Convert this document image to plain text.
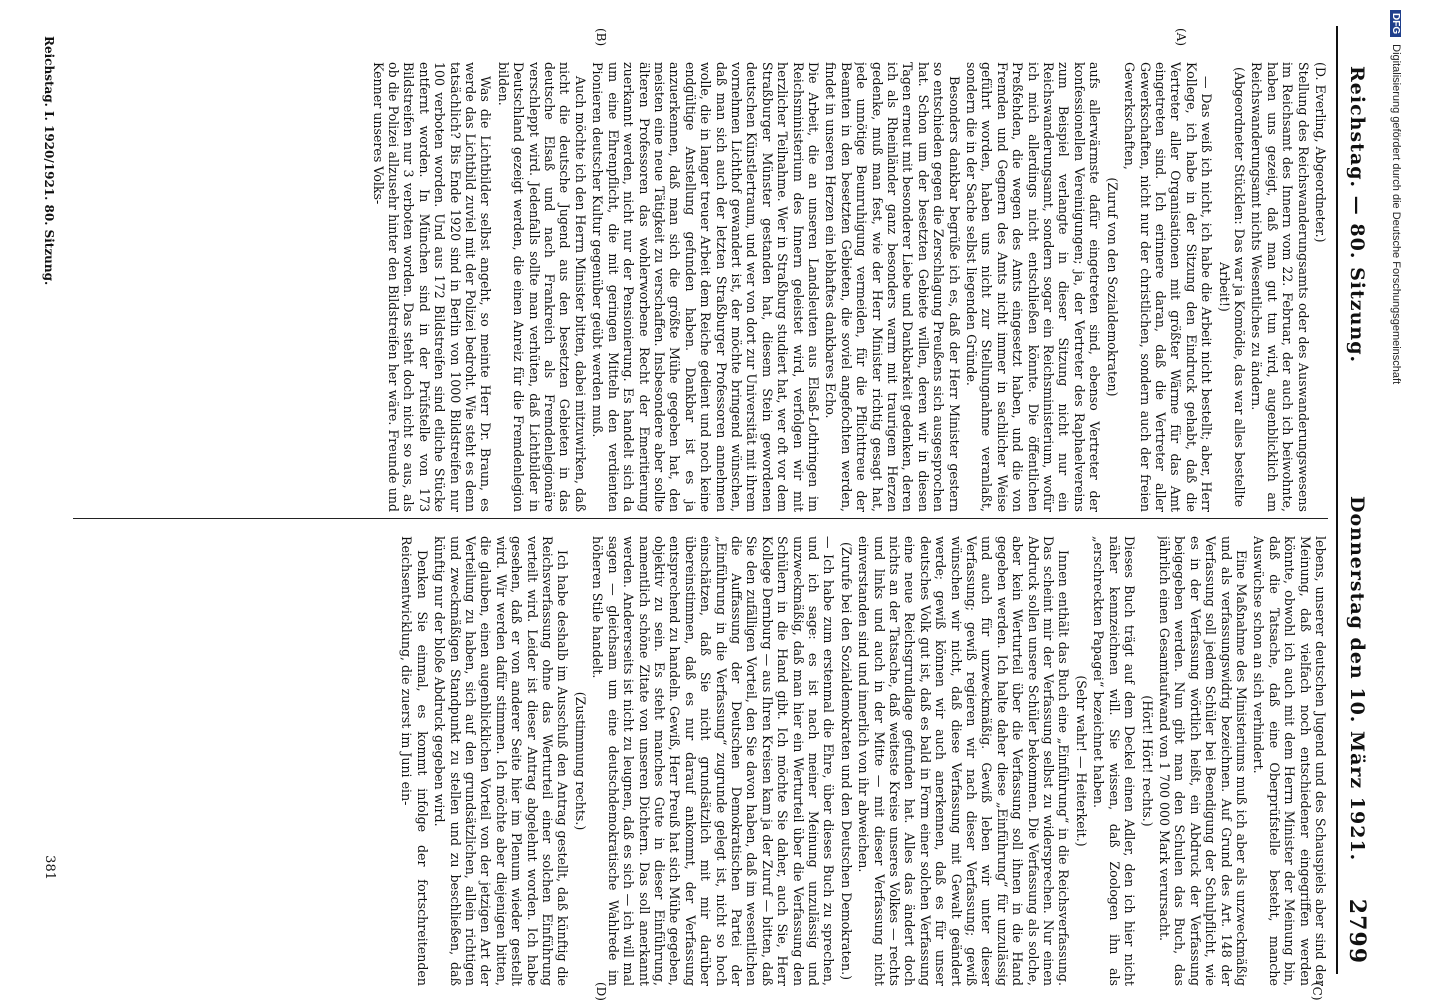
Reichstag. — 80. Sitzung.
Donnerstag den 10. März 1921.
2799
(A)
(B)
(C)
(D)

(D. Everling, Abgeordneter.)

Stellung des Reichswanderungsamts oder des Auswanderungswesens im Reichsamt des Innern vom 22. Februar, der auch ich beiwohnte, haben uns gezeigt, daß man gut tun wird, augenblicklich am Reichswanderungsamt nichts Wesentliches zu ändern.

(Abgeordneter Stücklen: Das war ja Komödie, das war alles bestellte Arbeit!)

— Das weiß ich nicht, ich habe die Arbeit nicht bestellt; aber, Herr Kollege, ich habe in der Sitzung den Eindruck gehabt, daß die Vertreter aller Organisationen mit größter Wärme für das Amt eingetreten sind. Ich erinnere daran, daß die Vertreter aller Gewerkschaften, nicht nur der christlichen, sondern auch der freien Gewerkschaften,

(Zuruf von den Sozialdemokraten)

aufs allerwärmste dafür eingetreten sind, ebenso Vertreter der konfessionellen Vereinigungen; ja, der Vertreter des Raphaelvereins zum Beispiel verlangte in dieser Sitzung nicht nur ein Reichswanderungsamt, sondern sogar ein Reichsministerium, wofür ich mich allerdings nicht entschließen könnte. Die öffentlichen Preßfehden, die wegen des Amts eingesetzt haben, und die von Fremden und Gegnern des Amts nicht immer in sachlicher Weise geführt worden, haben uns nicht zur Stellungnahme veranlaßt, sondern die in der Sache selbst liegenden Gründe.

Besonders dankbar begrüße ich es, daß der Herr Minister gestern so entschieden gegen die Zerschlagung Preußens sich ausgesprochen hat. Schon um der besetzten Gebiete willen, deren wir in diesen Tagen erneut mit besonderer Liebe und Dankbarkeit gedenken, deren ich als Rheinländer ganz besonders warm mit traurigem Herzen gedenke, muß man fest, wie der Herr Minister richtig gesagt hat, jede unnötige Beunruhigung vermeiden, für die Pflichttreue der Beamten in den besetzten Gebieten, die soviel angefochten werden, findet in unseren Herzen ein lebhaftes dankbares Echo.

Die Arbeit, die an unseren Landsleuten aus Elsaß-Lothringen im Reichsministerium des Innern geleistet wird, verfolgen wir mit herzlicher Teilnahme. Wer in Straßburg studiert hat, wer oft vor dem Straßburger Münster gestanden hat, diesem Stein gewordenen deutschen Künstlertraum, und wer von dort zur Universität mit ihrem vornehmen Lichthof gewandert ist, der möchte bringend wünschen, daß man sich auch der letzten Straßburger Professoren annehmen wolle, die in langer treuer Arbeit dem Reiche gedient und noch keine endgültige Anstellung gefunden haben. Dankbar ist es ja anzuerkennen, daß man sich die größte Mühe gegeben hat, den meisten eine neue Tätigkeit zu verschaffen. Insbesondere aber sollte älteren Professoren das wohlerworbene Recht der Emeritierung zuerkannt werden, nicht nur der Pensionierung. Es handelt sich da um eine Ehrenpflicht, die mit geringen Mitteln den verdienten Pionieren deutscher Kultur gegenüber geübt werden muß.

Auch möchte ich den Herrn Minister bitten, dabei mitzuwirken, daß nicht die deutsche Jugend aus den besetzten Gebieten in das deutsche Elsaß und nach Frankreich als Fremdenlegionäre verschleppt wird. Jedenfalls sollte man verhüten, daß Lichtbilder in Deutschland gezeigt werden, die einen Anreiz für die Fremdenlegion bilden.

Was die Lichtbilder selbst angeht, so meinte Herr Dr. Braun, es werde das Lichtbild zuviel mit der Polizei bedroht. Wie steht es denn tatsächlich? Bis Ende 1920 sind in Berlin von 1000 Bildstreifen nur 100 verboten worden. Und aus 172 Bildstreifen sind etliche Stücke entfernt worden. In München sind in der Prüfstelle von 173 Bildstreifen nur 3 verboten worden. Das steht doch nicht so aus, als ob die Polizei allzusehr hinter den Bildstreifen her wäre. Freunde und Kenner unseres Volks-

lebens, unserer deutschen Jugend und des Schauspiels aber sind der Meinung, daß vielfach noch entschiedener eingegriffen werden könnte, obwohl ich auch mit dem Herrn Minister der Meinung bin, daß die Tatsache, daß eine Oberprüfstelle besteht, manche Auswüchse schon an sich verhindert.

Eine Maßnahme des Ministeriums muß ich aber als unzweckmäßig und als verfassungswidrig bezeichnen. Auf Grund des Art. 148 der Verfassung soll jedem Schüler bei Beendigung der Schulpflicht, wie es in der Verfassung wörtlich heißt, ein Abdruck der Verfassung beigegeben werden. Nun gibt man den Schulen das Buch, das jährlich einen Gesamtaufwand von 1 700 000 Mark verursacht.

(Hört! Hört! rechts.)

Dieses Buch trägt auf dem Deckel einen Adler, den ich hier nicht näher kennzeichnen will. Sie wissen, daß Zoologen ihn als „erschreckten Papagei“ bezeichnet haben.

(Sehr wahr! — Heiterkeit.)

Innen enthält das Buch eine „Einführung“ in die Reichsverfassung. Das scheint mir der Verfassung selbst zu widersprechen. Nur einen Abdruck sollen unsere Schüler bekommen. Die Verfassung als solche, aber kein Werturteil über die Verfassung soll ihnen in die Hand gegeben werden. Ich halte daher diese „Einführung“ für unzulässig und auch für unzweckmäßig. Gewiß leben wir unter dieser Verfassung; gewiß regieren wir nach dieser Verfassung; gewiß wünschen wir nicht, daß diese Verfassung mit Gewalt geändert werde; gewiß können wir auch anerkennen, daß es für unser deutsches Volk gut ist, daß es bald in Form einer solchen Verfassung eine neue Reichsgrundlage gefunden hat. Alles das ändert doch nichts an der Tatsache, daß weiteste Kreise unseres Volkes — rechts und links und auch in der Mitte — mit dieser Verfassung nicht einverstanden sind und innerlich von ihr abweichen.

(Zurufe bei den Sozialdemokraten und den Deutschen Demokraten.)

— Ich habe zum erstenmal die Ehre, über dieses Buch zu sprechen, und ich sage: es ist nach meiner Meinung unzulässig und unzweckmäßig, daß man hier ein Werturteil über die Verfassung den Schülern in die Hand gibt. Ich möchte Sie daher, auch Sie, Herr Kollege Dernburg — aus Ihren Kreisen kam ja der Zuruf — bitten, daß Sie den zufälligen Vorteil, den Sie davon haben, daß im wesentlichen die Auffassung der Deutschen Demokratischen Partei der „Einführung in die Verfassung“ zugrunde gelegt ist, nicht so hoch einschätzen, daß Sie nicht grundsätzlich mit mir darüber übereinstimmen, daß es nur darauf ankommt, der Verfassung entsprechend zu handeln. Gewiß, Herr Preuß hat sich Mühe gegeben, objektiv zu sein. Es steht manches Gute in dieser Einführung, namentlich schöne Zitate von unseren Dichtern. Das soll anerkannt werden. Andererseits ist nicht zu leugnen, daß es sich — ich will mal sagen — gleichsam um eine deutschdemokratische Wahlrede im höheren Stile handelt.

(Zustimmung rechts.)

Ich habe deshalb im Ausschuß den Antrag gestellt, daß künftig die Reichsverfassung ohne das Werturteil einer solchen Einführung verteilt wird. Leider ist dieser Antrag abgelehnt worden. Ich habe gesehen, daß er von anderer Seite hier im Plenum wieder gestellt wird. Wir werden dafür stimmen. Ich möchte aber diejenigen bitten, die glauben, einen augenblicklichen Vorteil von der jetzigen Art der Verteilung zu haben, sich auf den grundsätzlichen, allein richtigen und zweckmäßigen Standpunkt zu stellen und zu beschließen, daß künftig nur der bloße Abdruck gegeben wird.

Denken Sie einmal, es kommt infolge der fortschreitenden Reichsentwicklung, die zuerst im Juni ein-

Reichstag. I. 1920/1921. 80. Sitzung.
381
DFG Digitalisierung gefördert durch die Deutsche Forschungsgemeinschaft
